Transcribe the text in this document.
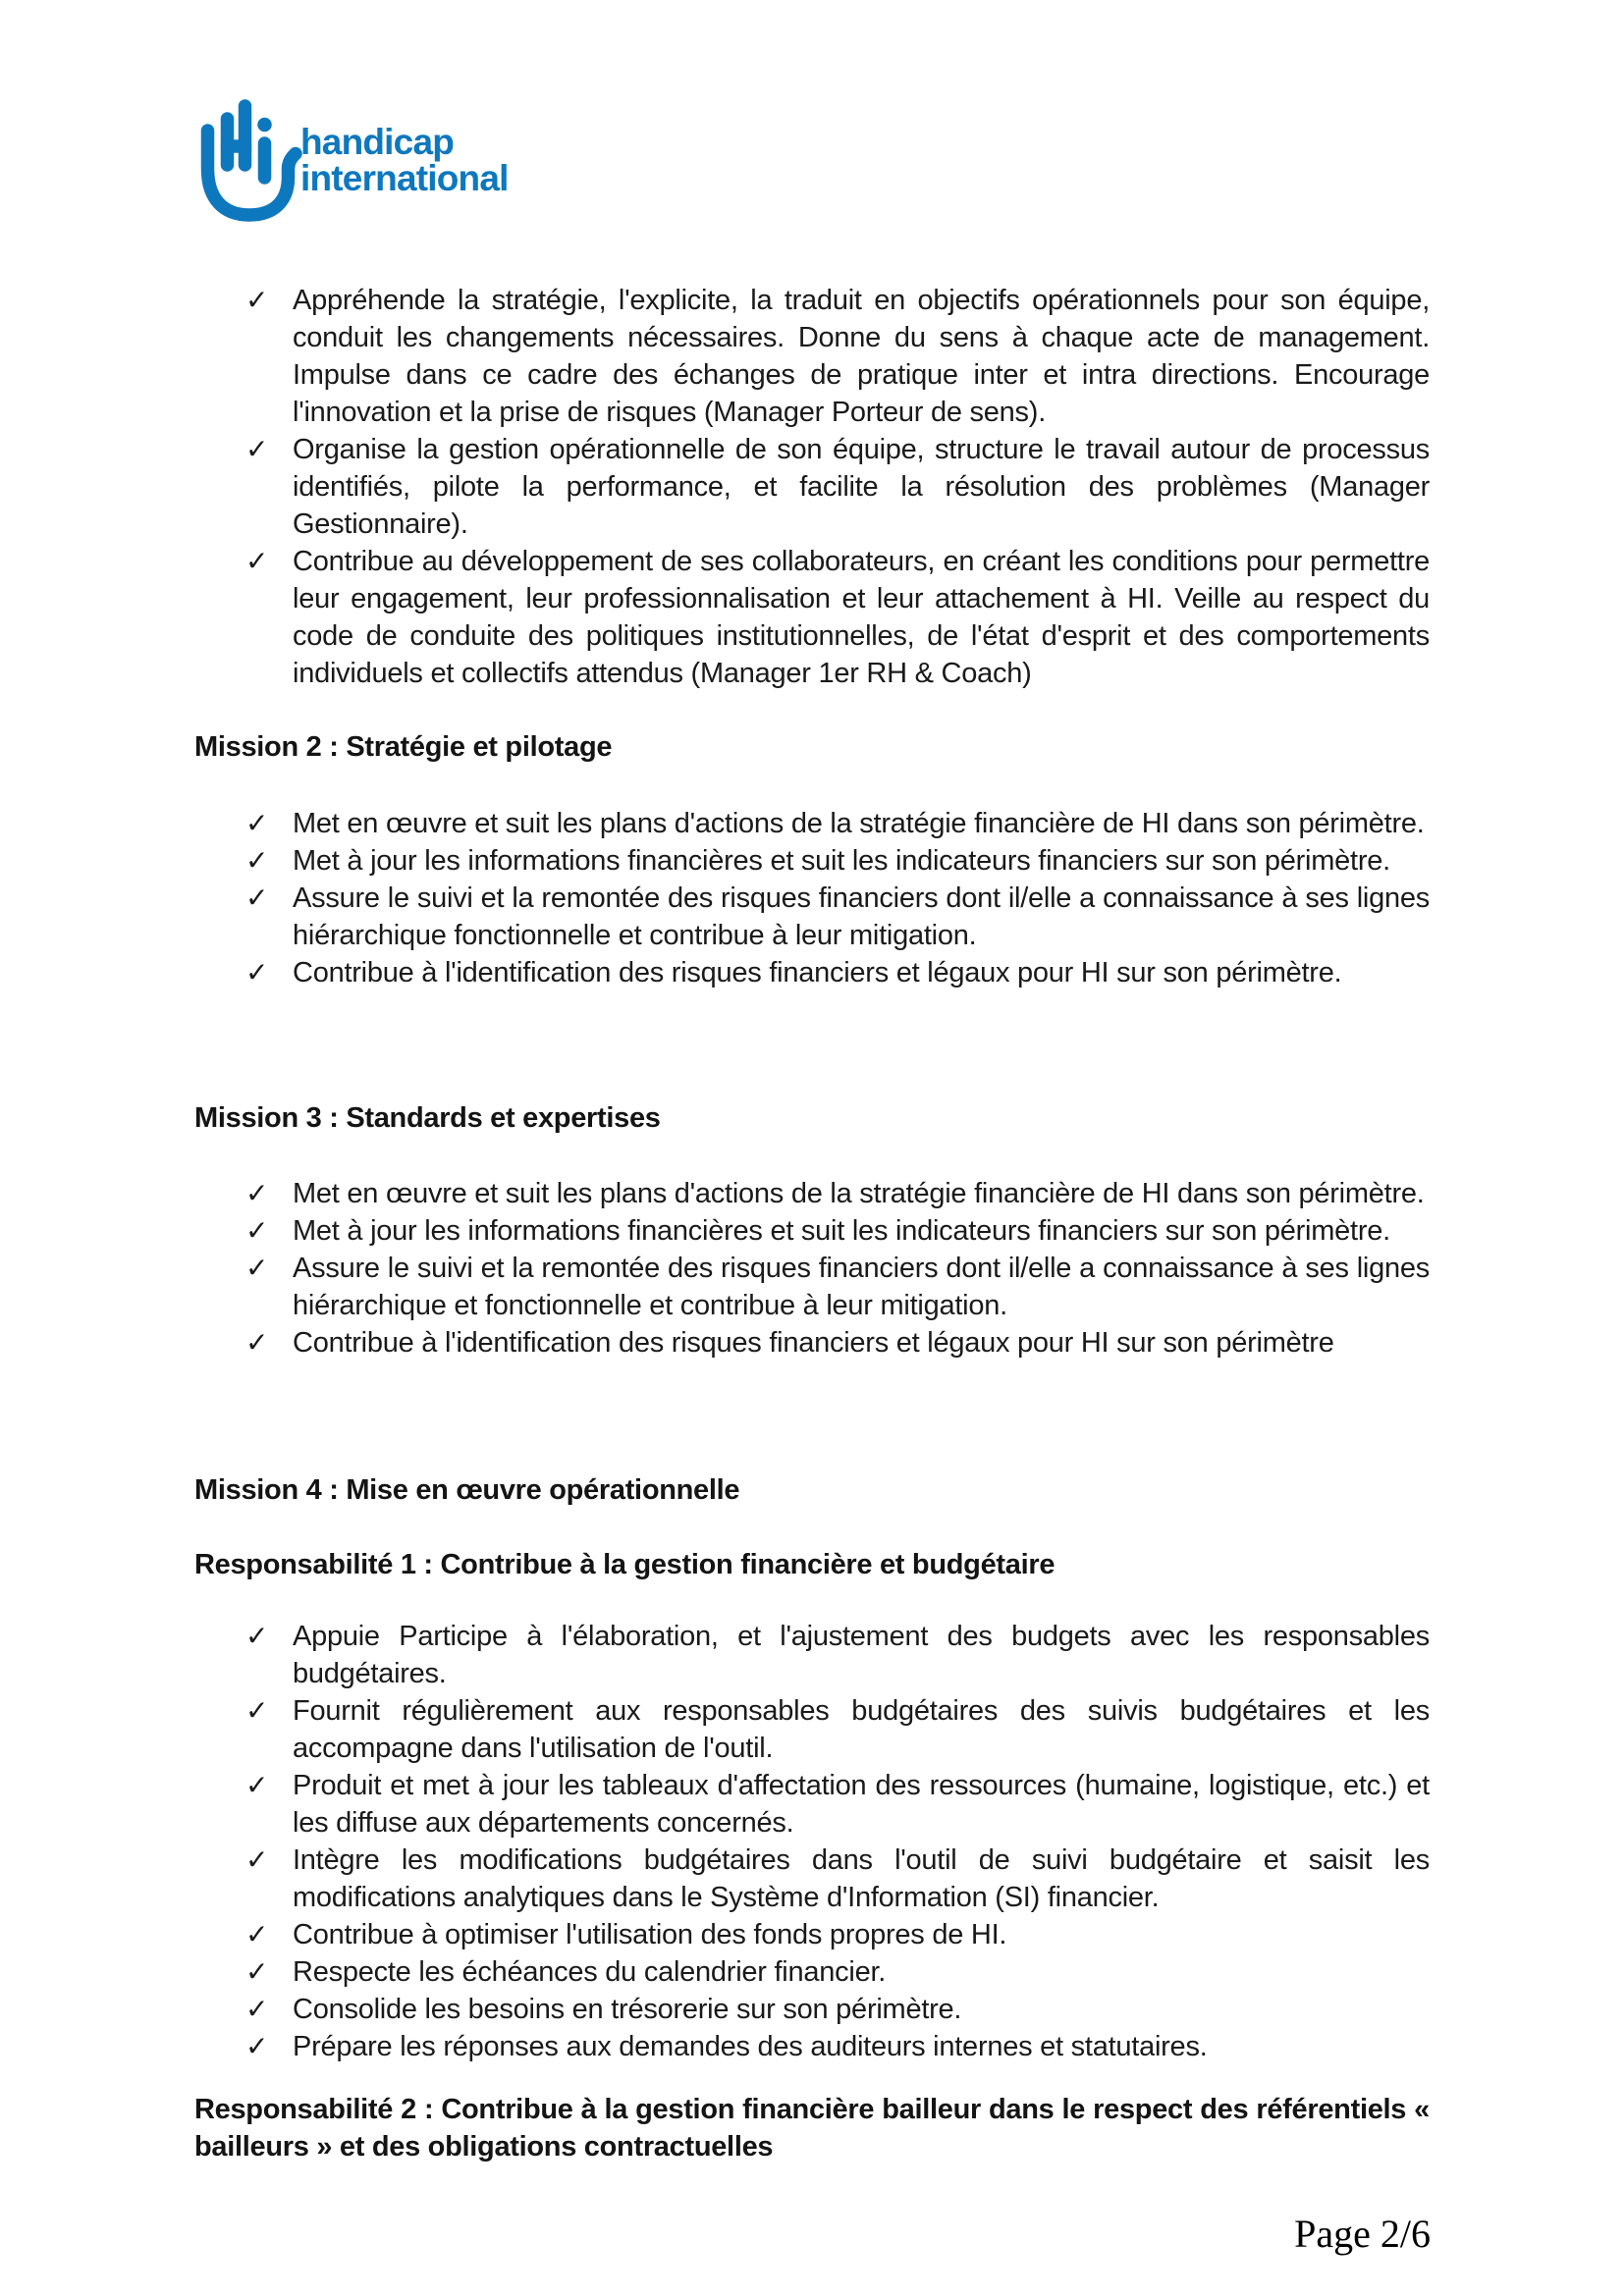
handicap
international
✓ Appréhende la stratégie, l'explicite, la traduit en objectifs opérationnels pour son équipe, conduit les changements nécessaires. Donne du sens à chaque acte de management. Impulse dans ce cadre des échanges de pratique inter et intra directions. Encourage l'innovation et la prise de risques (Manager Porteur de sens).
✓ Organise la gestion opérationnelle de son équipe, structure le travail autour de processus identifiés, pilote la performance, et facilite la résolution des problèmes (Manager Gestionnaire).
✓ Contribue au développement de ses collaborateurs, en créant les conditions pour permettre leur engagement, leur professionnalisation et leur attachement à HI. Veille au respect du code de conduite des politiques institutionnelles, de l'état d'esprit et des comportements individuels et collectifs attendus (Manager 1er RH & Coach)
Mission 2 : Stratégie et pilotage
✓ Met en œuvre et suit les plans d'actions de la stratégie financière de HI dans son périmètre.
✓ Met à jour les informations financières et suit les indicateurs financiers sur son périmètre.
✓ Assure le suivi et la remontée des risques financiers dont il/elle a connaissance à ses lignes hiérarchique fonctionnelle et contribue à leur mitigation.
✓ Contribue à l'identification des risques financiers et légaux pour HI sur son périmètre.
Mission 3 : Standards et expertises
✓ Met en œuvre et suit les plans d'actions de la stratégie financière de HI dans son périmètre.
✓ Met à jour les informations financières et suit les indicateurs financiers sur son périmètre.
✓ Assure le suivi et la remontée des risques financiers dont il/elle a connaissance à ses lignes hiérarchique et fonctionnelle et contribue à leur mitigation.
✓ Contribue à l'identification des risques financiers et légaux pour HI sur son périmètre
Mission 4 : Mise en œuvre opérationnelle
Responsabilité 1 : Contribue à la gestion financière et budgétaire
✓ Appuie Participe à l'élaboration, et l'ajustement des budgets avec les responsables budgétaires.
✓ Fournit régulièrement aux responsables budgétaires des suivis budgétaires et les accompagne dans l'utilisation de l'outil.
✓ Produit et met à jour les tableaux d'affectation des ressources (humaine, logistique, etc.) et les diffuse aux départements concernés.
✓ Intègre les modifications budgétaires dans l'outil de suivi budgétaire et saisit les modifications analytiques dans le Système d'Information (SI) financier.
✓ Contribue à optimiser l'utilisation des fonds propres de HI.
✓ Respecte les échéances du calendrier financier.
✓ Consolide les besoins en trésorerie sur son périmètre.
✓ Prépare les réponses aux demandes des auditeurs internes et statutaires.
Responsabilité 2 : Contribue à la gestion financière bailleur dans le respect des référentiels « bailleurs » et des obligations contractuelles
Page 2/6
